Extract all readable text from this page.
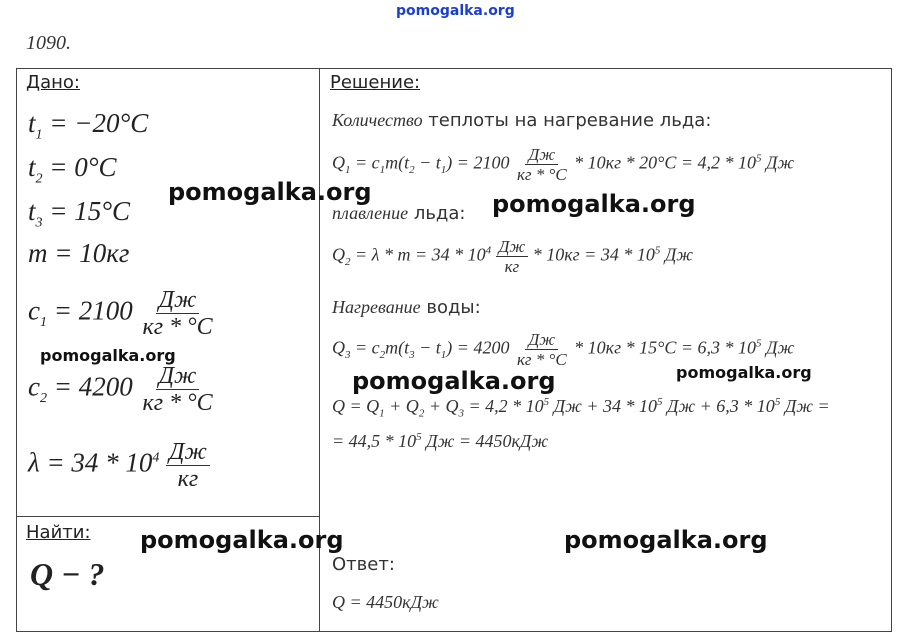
pomogalka.org
1090.
Дано:
$t_1 = -20^\circ C$
$t_2 = 0^\circ C$
$t_3 = 15^\circ C$
m = 10кг
$c_1 = 2100 \frac{Дж}{кг * ^\circ C}$
$c_2 = 4200 \frac{Дж}{кг * ^\circ C}$
$\lambda = 34 * 10^4 \frac{Дж}{кг}$
Найти:
Q − ?
Решение:
Количество теплоты на нагревание льда:
$Q_1 = c_1m(t_2 - t_1) = 2100 \frac{Дж}{кг * ^\circ C} * 10кг * 20^\circ C = 4,2 * 10^5$ Дж
плавление льда:
$Q_2 = \lambda * m = 34 * 10^4 \frac{Дж}{кг} * 10кг = 34 * 10^5$ Дж
Нагревание воды:
$Q_3 = c_2m(t_3 - t_1) = 4200 \frac{Дж}{кг * ^\circ C} * 10кг * 15^\circ C = 6,3 * 10^5$ Дж
$Q = Q_1 + Q_2 + Q_3 = 4,2 * 10^5$ Дж + $34 * 10^5$ Дж + $6,3 * 10^5$ Дж =
= $44,5 * 10^5$ Дж = 4450кДж
Ответ:
Q = 4450кДж
pomogalka.org	pomogalka.org
pomogalka.org
pomogalka.org	pomogalka.org
pomogalka.org	pomogalka.org
